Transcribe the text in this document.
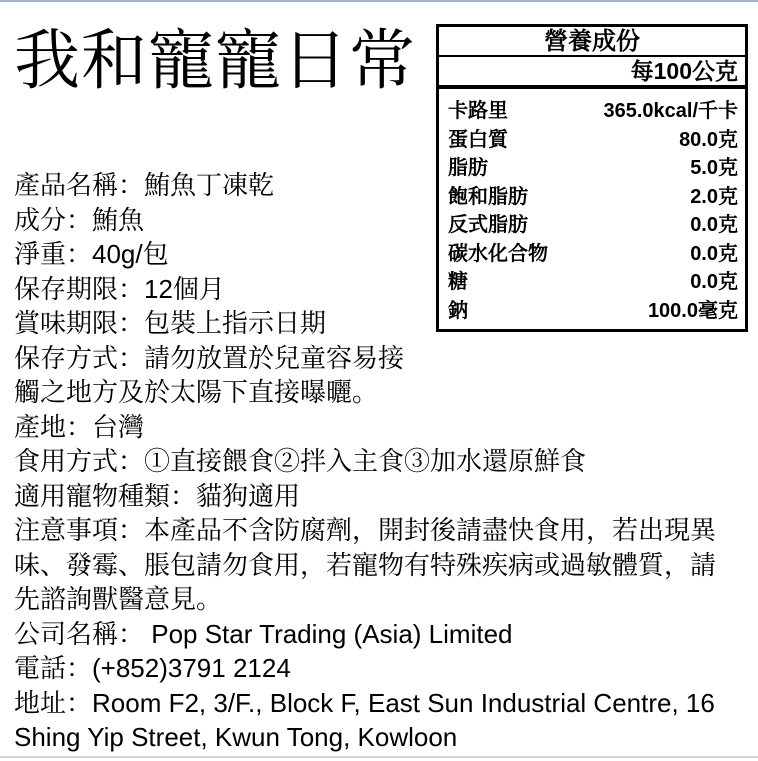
營養成份
每100公克
卡路里	365.0kcal/千卡
蛋白質	80.0克
脂肪	5.0克
飽和脂肪	2.0克
反式脂肪	0.0克
碳水化合物	0.0克
糖	0.0克
鈉	100.0毫克
我和寵寵日常

產品名稱：鮪魚丁凍乾

成分：鮪魚

淨重：40g/包

保存期限：12個月

賞味期限：包裝上指示日期

保存方式：請勿放置於兒童容易接觸之地方及於太陽下直接曝曬。

產地：台灣

食用方式：①直接餵食②拌入主食③加水還原鮮食

適用寵物種類：貓狗適用

注意事項：本產品不含防腐劑，開封後請盡快食用，若出現異味、發霉、脹包請勿食用，若寵物有特殊疾病或過敏體質，請先諮詢獸醫意見。

公司名稱： Pop Star Trading (Asia) Limited

電話：(+852)3791 2124

地址：Room F2, 3/F., Block F, East Sun Industrial Centre, 16 Shing Yip Street, Kwun Tong, Kowloon
